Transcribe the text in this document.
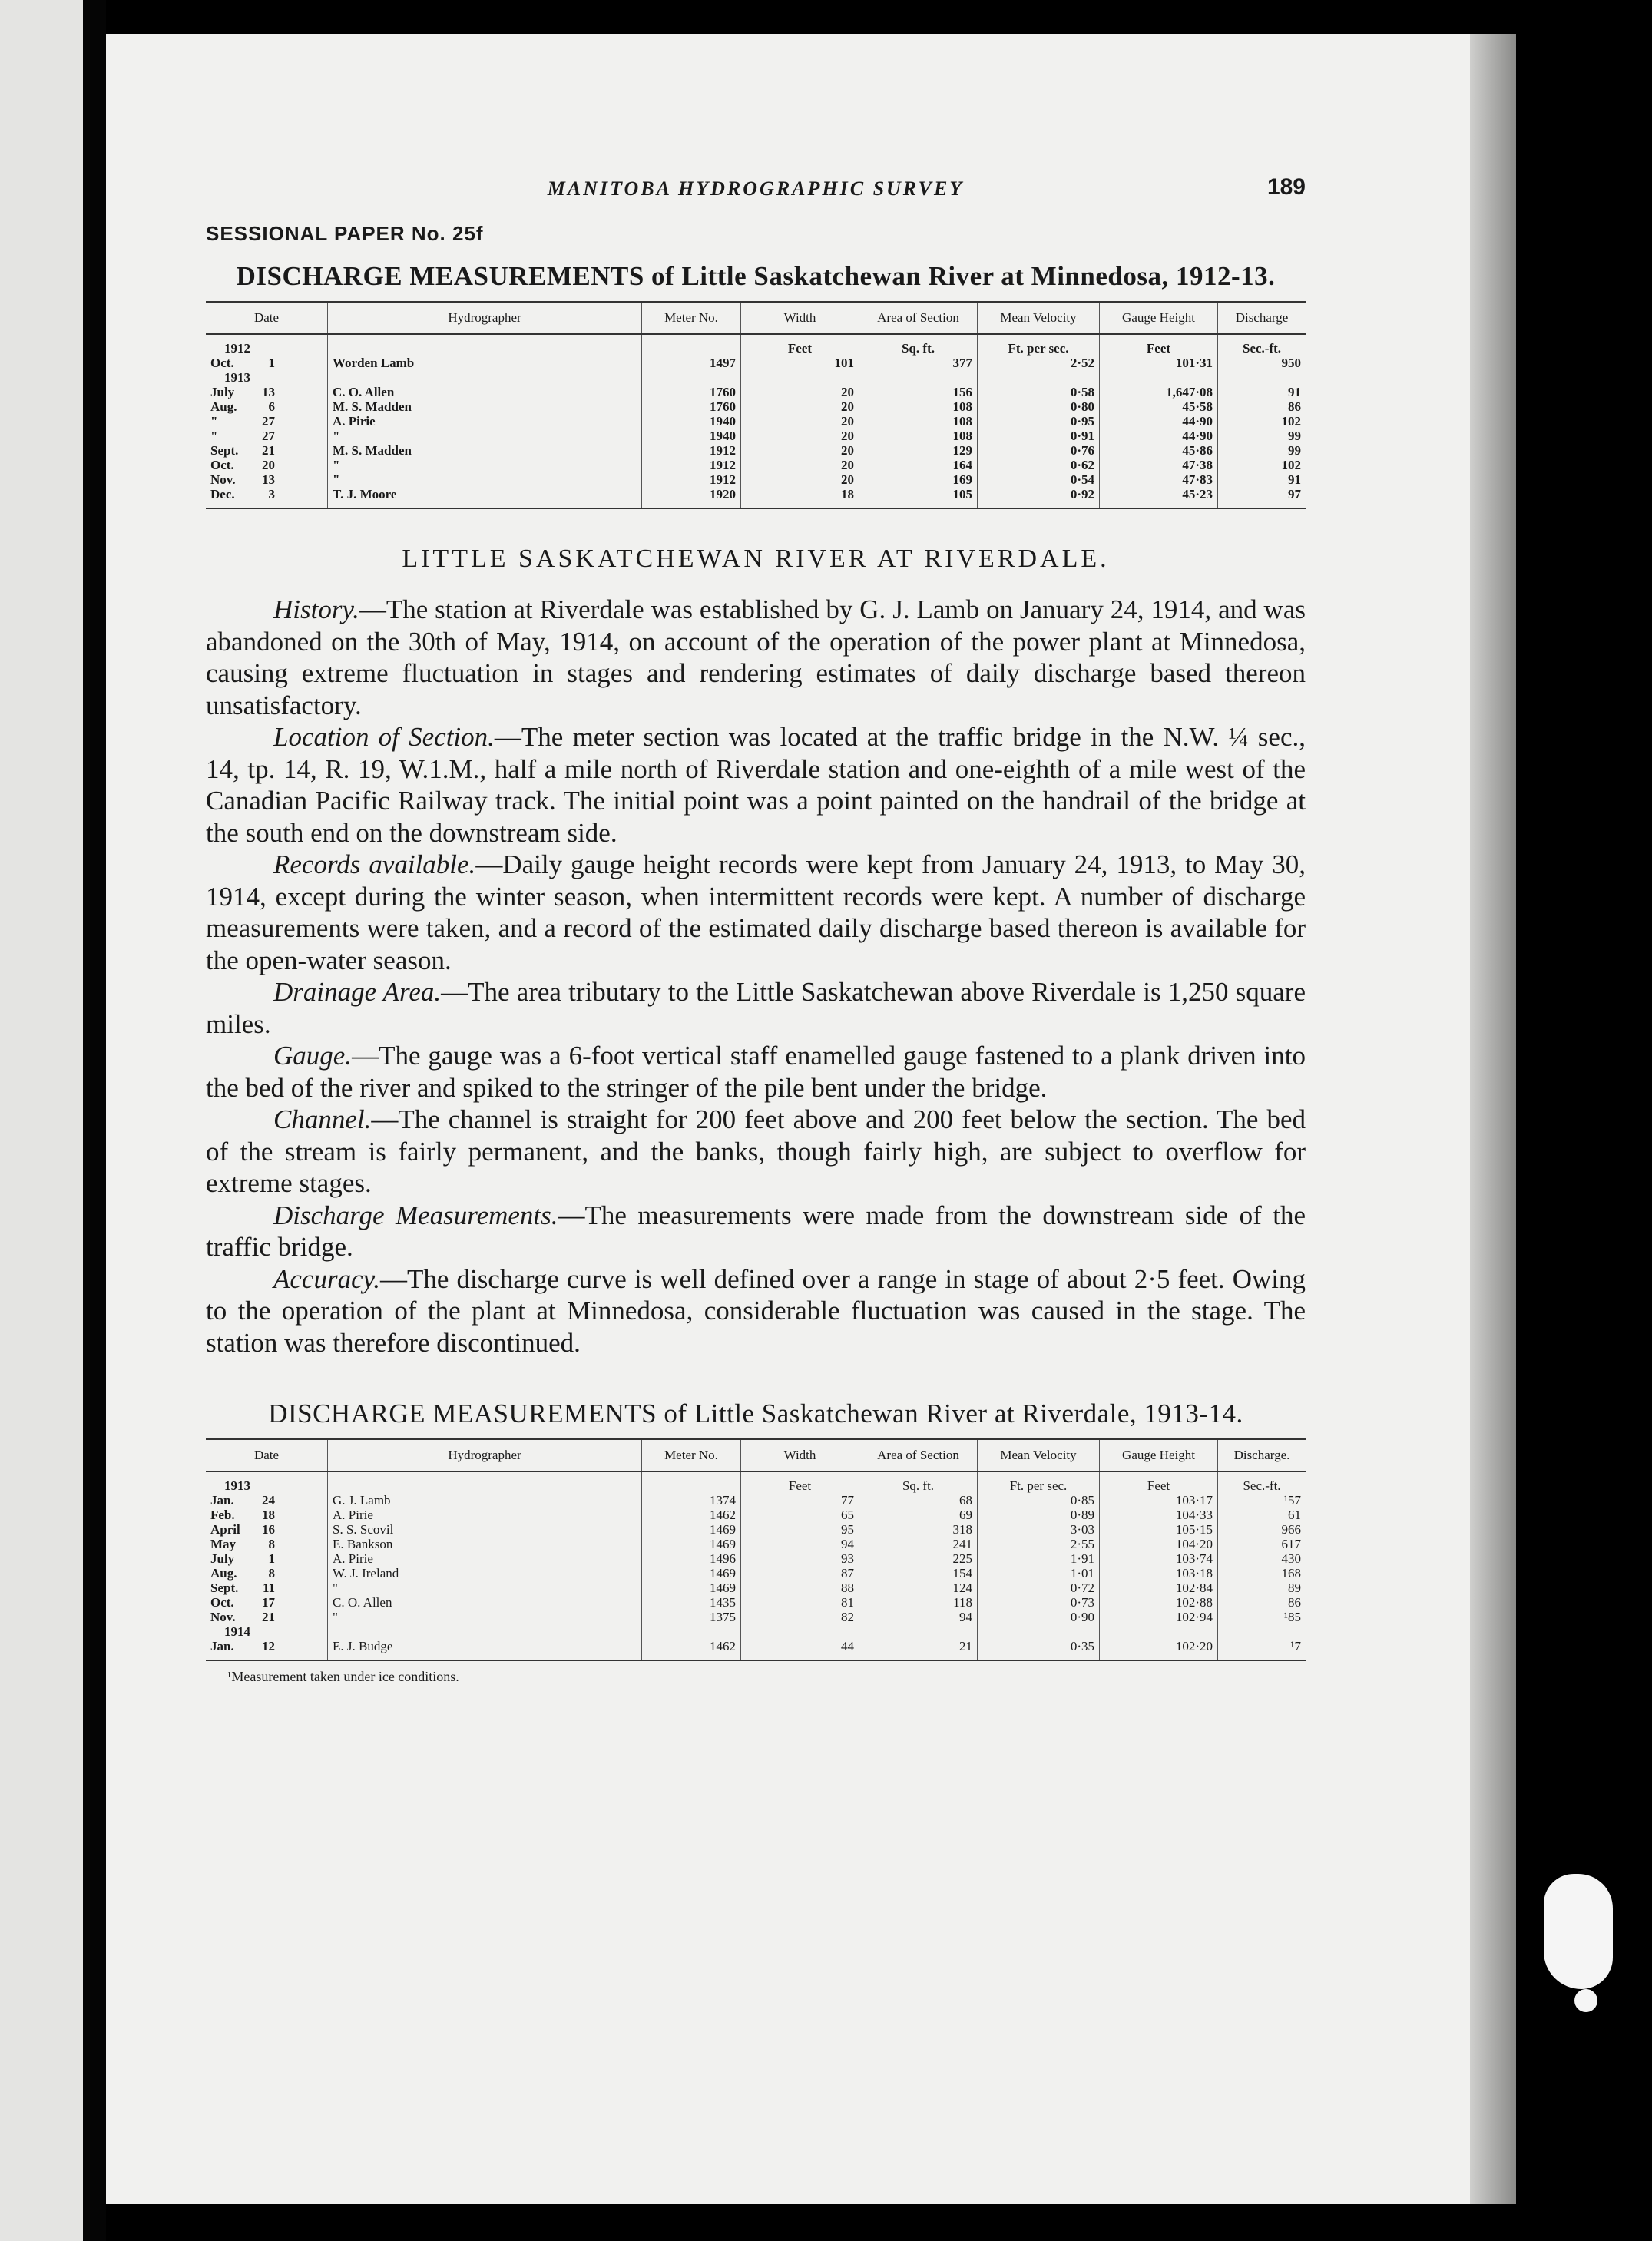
MANITOBA HYDROGRAPHIC SURVEY	189
SESSIONAL PAPER No. 25f
DISCHARGE MEASUREMENTS of Little Saskatchewan River at Minnedosa, 1912-13.
Date	Hydrographer	Meter No.	Width	Area of Section	Mean Velocity	Gauge Height	Discharge
1912			Feet	Sq. ft.	Ft. per sec.	Feet	Sec.-ft.
Oct. 1	Worden Lamb	1497	101	377	2·52	101·31	950
1913							
July 13	C. O. Allen	1760	20	156	0·58	1,647·08	91
Aug. 6	M. S. Madden	1760	20	108	0·80	45·58	86
" 27	A. Pirie	1940	20	108	0·95	44·90	102
" 27	"	1940	20	108	0·91	44·90	99
Sept. 21	M. S. Madden	1912	20	129	0·76	45·86	99
Oct. 20	"	1912	20	164	0·62	47·38	102
Nov. 13	"	1912	20	169	0·54	47·83	91
Dec. 3	T. J. Moore	1920	18	105	0·92	45·23	97
LITTLE SASKATCHEWAN RIVER AT RIVERDALE.

History.—The station at Riverdale was established by G. J. Lamb on January 24, 1914, and was abandoned on the 30th of May, 1914, on account of the operation of the power plant at Minnedosa, causing extreme fluctuation in stages and rendering estimates of daily discharge based thereon unsatisfactory.

Location of Section.—The meter section was located at the traffic bridge in the N.W. ¼ sec., 14, tp. 14, R. 19, W.1.M., half a mile north of Riverdale station and one-eighth of a mile west of the Canadian Pacific Railway track. The initial point was a point painted on the handrail of the bridge at the south end on the downstream side.

Records available.—Daily gauge height records were kept from January 24, 1913, to May 30, 1914, except during the winter season, when intermittent records were kept. A number of discharge measurements were taken, and a record of the estimated daily discharge based thereon is available for the open-water season.

Drainage Area.—The area tributary to the Little Saskatchewan above Riverdale is 1,250 square miles.

Gauge.—The gauge was a 6-foot vertical staff enamelled gauge fastened to a plank driven into the bed of the river and spiked to the stringer of the pile bent under the bridge.

Channel.—The channel is straight for 200 feet above and 200 feet below the section. The bed of the stream is fairly permanent, and the banks, though fairly high, are subject to overflow for extreme stages.

Discharge Measurements.—The measurements were made from the downstream side of the traffic bridge.

Accuracy.—The discharge curve is well defined over a range in stage of about 2·5 feet. Owing to the operation of the plant at Minnedosa, considerable fluctuation was caused in the stage. The station was therefore discontinued.

DISCHARGE MEASUREMENTS of Little Saskatchewan River at Riverdale, 1913-14.
Date	Hydrographer	Meter No.	Width	Area of Section	Mean Velocity	Gauge Height	Discharge.
1913			Feet	Sq. ft.	Ft. per sec.	Feet	Sec.-ft.
Jan. 24	G. J. Lamb	1374	77	68	0·85	103·17	¹57
Feb. 18	A. Pirie	1462	65	69	0·89	104·33	61
April 16	S. S. Scovil	1469	95	318	3·03	105·15	966
May 8	E. Bankson	1469	94	241	2·55	104·20	617
July 1	A. Pirie	1496	93	225	1·91	103·74	430
Aug. 8	W. J. Ireland	1469	87	154	1·01	103·18	168
Sept. 11	"	1469	88	124	0·72	102·84	89
Oct. 17	C. O. Allen	1435	81	118	0·73	102·88	86
Nov. 21	"	1375	82	94	0·90	102·94	¹85
1914							
Jan. 12	E. J. Budge	1462	44	21	0·35	102·20	¹7
¹Measurement taken under ice conditions.
